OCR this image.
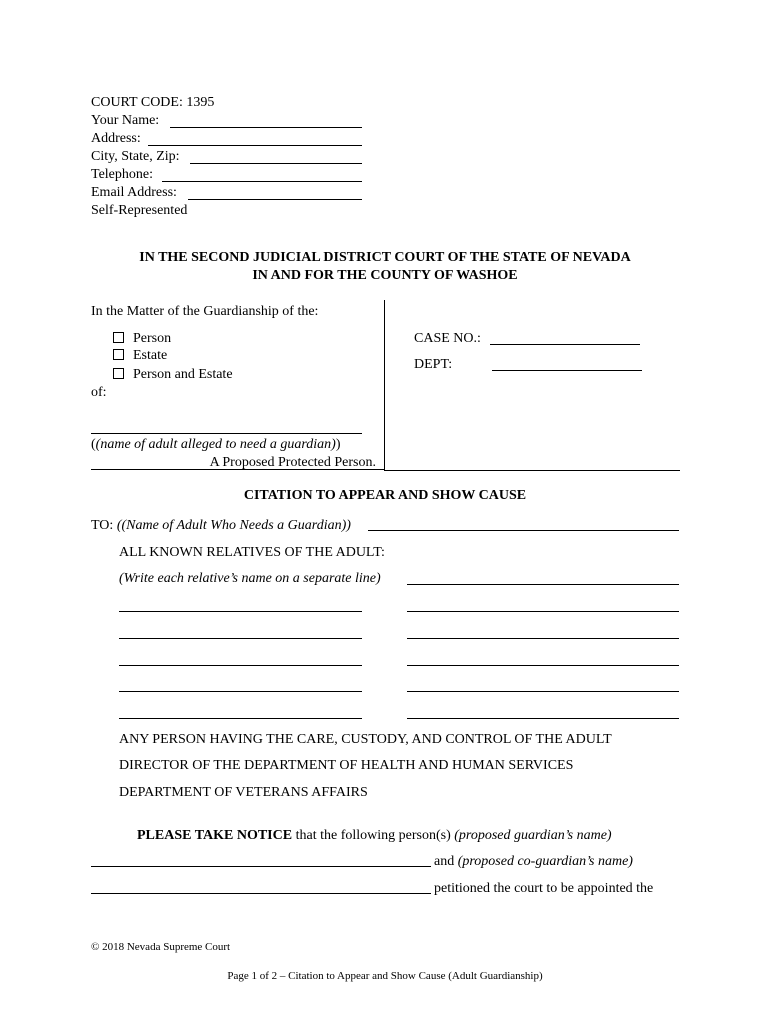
COURT CODE: 1395
Your Name:
Address:
City, State, Zip:
Telephone:
Email Address:
Self-Represented
IN THE SECOND JUDICIAL DISTRICT COURT OF THE STATE OF NEVADA
IN AND FOR THE COUNTY OF WASHOE
In the Matter of the Guardianship of the:
Person
Estate
Person and Estate
of:
((name of adult alleged to need a guardian))
A Proposed Protected Person.
CASE NO.:
DEPT:
CITATION TO APPEAR AND SHOW CAUSE
TO: ((Name of Adult Who Needs a Guardian))
ALL KNOWN RELATIVES OF THE ADULT:
(Write each relative’s name on a separate line)
ANY PERSON HAVING THE CARE, CUSTODY, AND CONTROL OF THE ADULT
DIRECTOR OF THE DEPARTMENT OF HEALTH AND HUMAN SERVICES
DEPARTMENT OF VETERANS AFFAIRS
PLEASE TAKE NOTICE that the following person(s) (proposed guardian’s name)
and (proposed co-guardian’s name)
petitioned the court to be appointed the
© 2018 Nevada Supreme Court
Page 1 of 2 – Citation to Appear and Show Cause (Adult Guardianship)
